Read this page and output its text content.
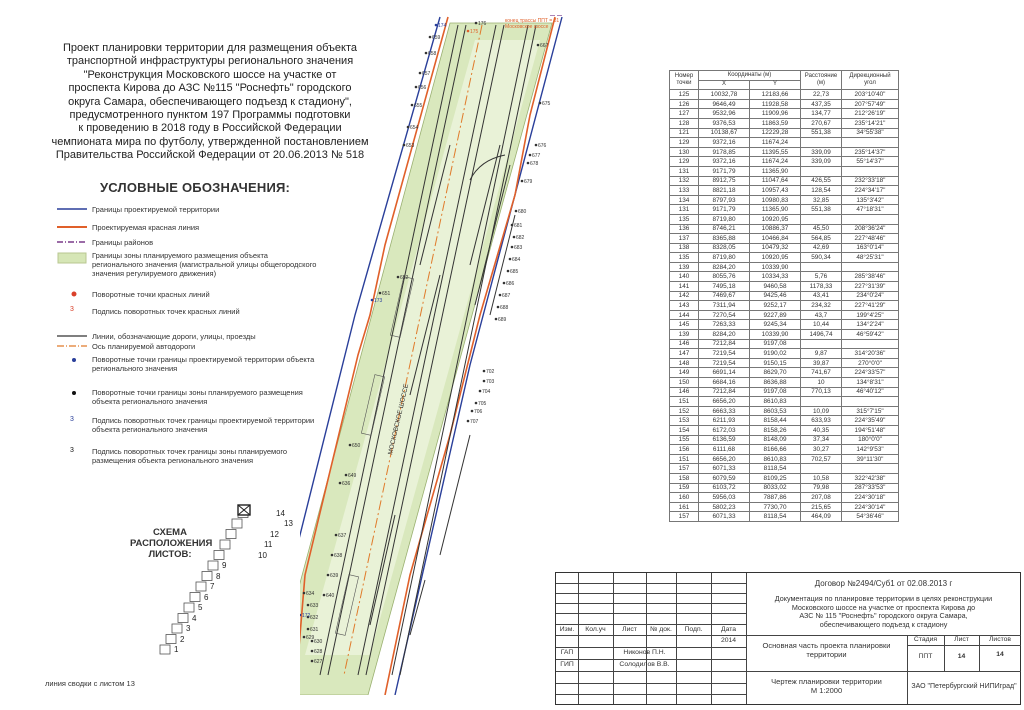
Проект планировки территории для размещения объекта
транспортной инфраструктуры регионального значения
"Реконструкция Московского шоссе на участке от
проспекта Кирова до АЗС №115 "Роснефть" городского
округа Самара, обеспечивающего подъезд к стадиону",
предусмотренного пунктом 197 Программы подготовки
к проведению в 2018 году в Российской Федерации
чемпионата мира по футболу, утвержденной постановлением
Правительства Российской Федерации от 20.06.2013 № 518
УСЛОВНЫЕ ОБОЗНАЧЕНИЯ:
Границы проектируемой территории
Проектируемая красная линия
Границы районов
Границы зоны планируемого размещения объекта регионального значения (магистральной улицы общегородского значения регулируемого движения)
Поворотные точки красных линий
3	Подпись поворотных точек красных линий
Линии, обозначающие дороги, улицы, проезды
Ось планируемой автодороги
Поворотные точки границы проектируемой территории объекта регионального значения
Поворотные точки границы зоны планируемого размещения объекта регионального значения
3	Подпись поворотных точек границы проектируемой территории объекта регионального значения
3	Подпись поворотных точек границы зоны планируемого размещения объекта регионального значения
СХЕМА
РАСПОЛОЖЕНИЯ
ЛИСТОВ:
1
2
3
4
5
6
7
8
9
10
11
12
13
14
линия сводки с листом 13
МОСКОВСКОЕ ШОССЕ
конец трассы ППТ = 81 Московское шоссе
174
175
176
659
658
657
656
655
654
653
652
651
650
649
667
675
676
677
678
679
680
681
682
683
684
685
686
687
688
689
702
703
704
705
706
707
636
637
638
639
640
634
633
632
631
630
629
628
627
173
172
Номер точки	Координаты (м)		Расстояние (м)	Дирекционный угол
	X	Y		
125	10032,78	12183,66	22,73	203°10'40"
126	9646,49	11928,58	437,35	207°57'49"
127	9532,96	11909,96	134,77	212°26'19"
128	9376,53	11863,59	270,67	235°14'21"
121	10138,67	12229,28	551,38	34°55'38"
129	9372,16	11674,24		
130	9178,85	11395,55	339,09	235°14'37"
129	9372,16	11674,24	339,09	55°14'37"
131	9171,79	11365,90		
132	8912,75	11047,64	426,55	232°33'18"
133	8821,18	10957,43	128,54	224°34'17"
134	8797,93	10980,83	32,85	135°3'42"
131	9171,79	11365,90	551,38	47°18'31"
135	8719,80	10920,95		
136	8746,21	10886,37	45,50	208°36'24"
137	8365,88	10466,84	564,85	227°48'46"
138	8328,05	10479,32	42,69	163°0'14"
135	8719,80	10920,95	590,34	48°25'31"
139	8284,20	10339,90		
140	8055,76	10334,33	5,76	285°38'46"
141	7495,18	9460,58	1178,33	227°31'39"
142	7469,67	9425,46	43,41	234°0'24"
143	7311,94	9252,17	234,32	227°41'29"
144	7270,54	9227,89	43,7	199°4'25"
145	7263,33	9245,34	10,44	134°2'24"
139	8284,20	10339,90	1496,74	46°59'42"
146	7212,84	9197,08		
147	7219,54	9190,02	9,87	314°20'36"
148	7219,54	9150,15	39,87	270°0'0"
149	6691,14	8629,70	741,67	224°33'57"
150	6684,16	8636,88	10	134°8'31"
146	7212,84	9197,08	770,13	46°40'12"
151	6656,20	8610,83		
152	6663,33	8603,53	10,09	315°7'15"
153	6211,93	8158,44	633,93	224°35'49"
154	6172,03	8158,26	40,35	194°51'48"
155	6136,59	8148,09	37,34	180°0'0"
156	6111,68	8166,66	30,27	142°9'53"
151	6656,20	8610,83	702,57	39°11'30"
157	6071,33	8118,54		
158	6079,59	8109,25	10,58	322°42'38"
159	6103,72	8033,02	79,98	287°33'53"
160	5956,03	7887,86	207,08	224°30'18"
161	5802,23	7730,70	215,65	224°30'14"
157	6071,33	8118,54	464,09	54°36'46"
Договор №2494/Суб1 от 02.08.2013 г
Документация по планировке территории в целях реконструкции
Московского шоссе на участке от проспекта Кирова до
АЗС № 115 "Роснефть" городского округа Самара,
обеспечивающего подъезд к стадиону
Изм.	Кол.уч	Лист	№ док.	Подп.	Дата
2014
ГАП	Никонов П.Н.
ГИП	Солодилов В.В.
Основная часть проекта планировки
территории
Стадия	Лист	Листов
ППТ	14	14
Чертеж планировки территории
М 1:2000	ЗАО "Петербургский НИПИград"
